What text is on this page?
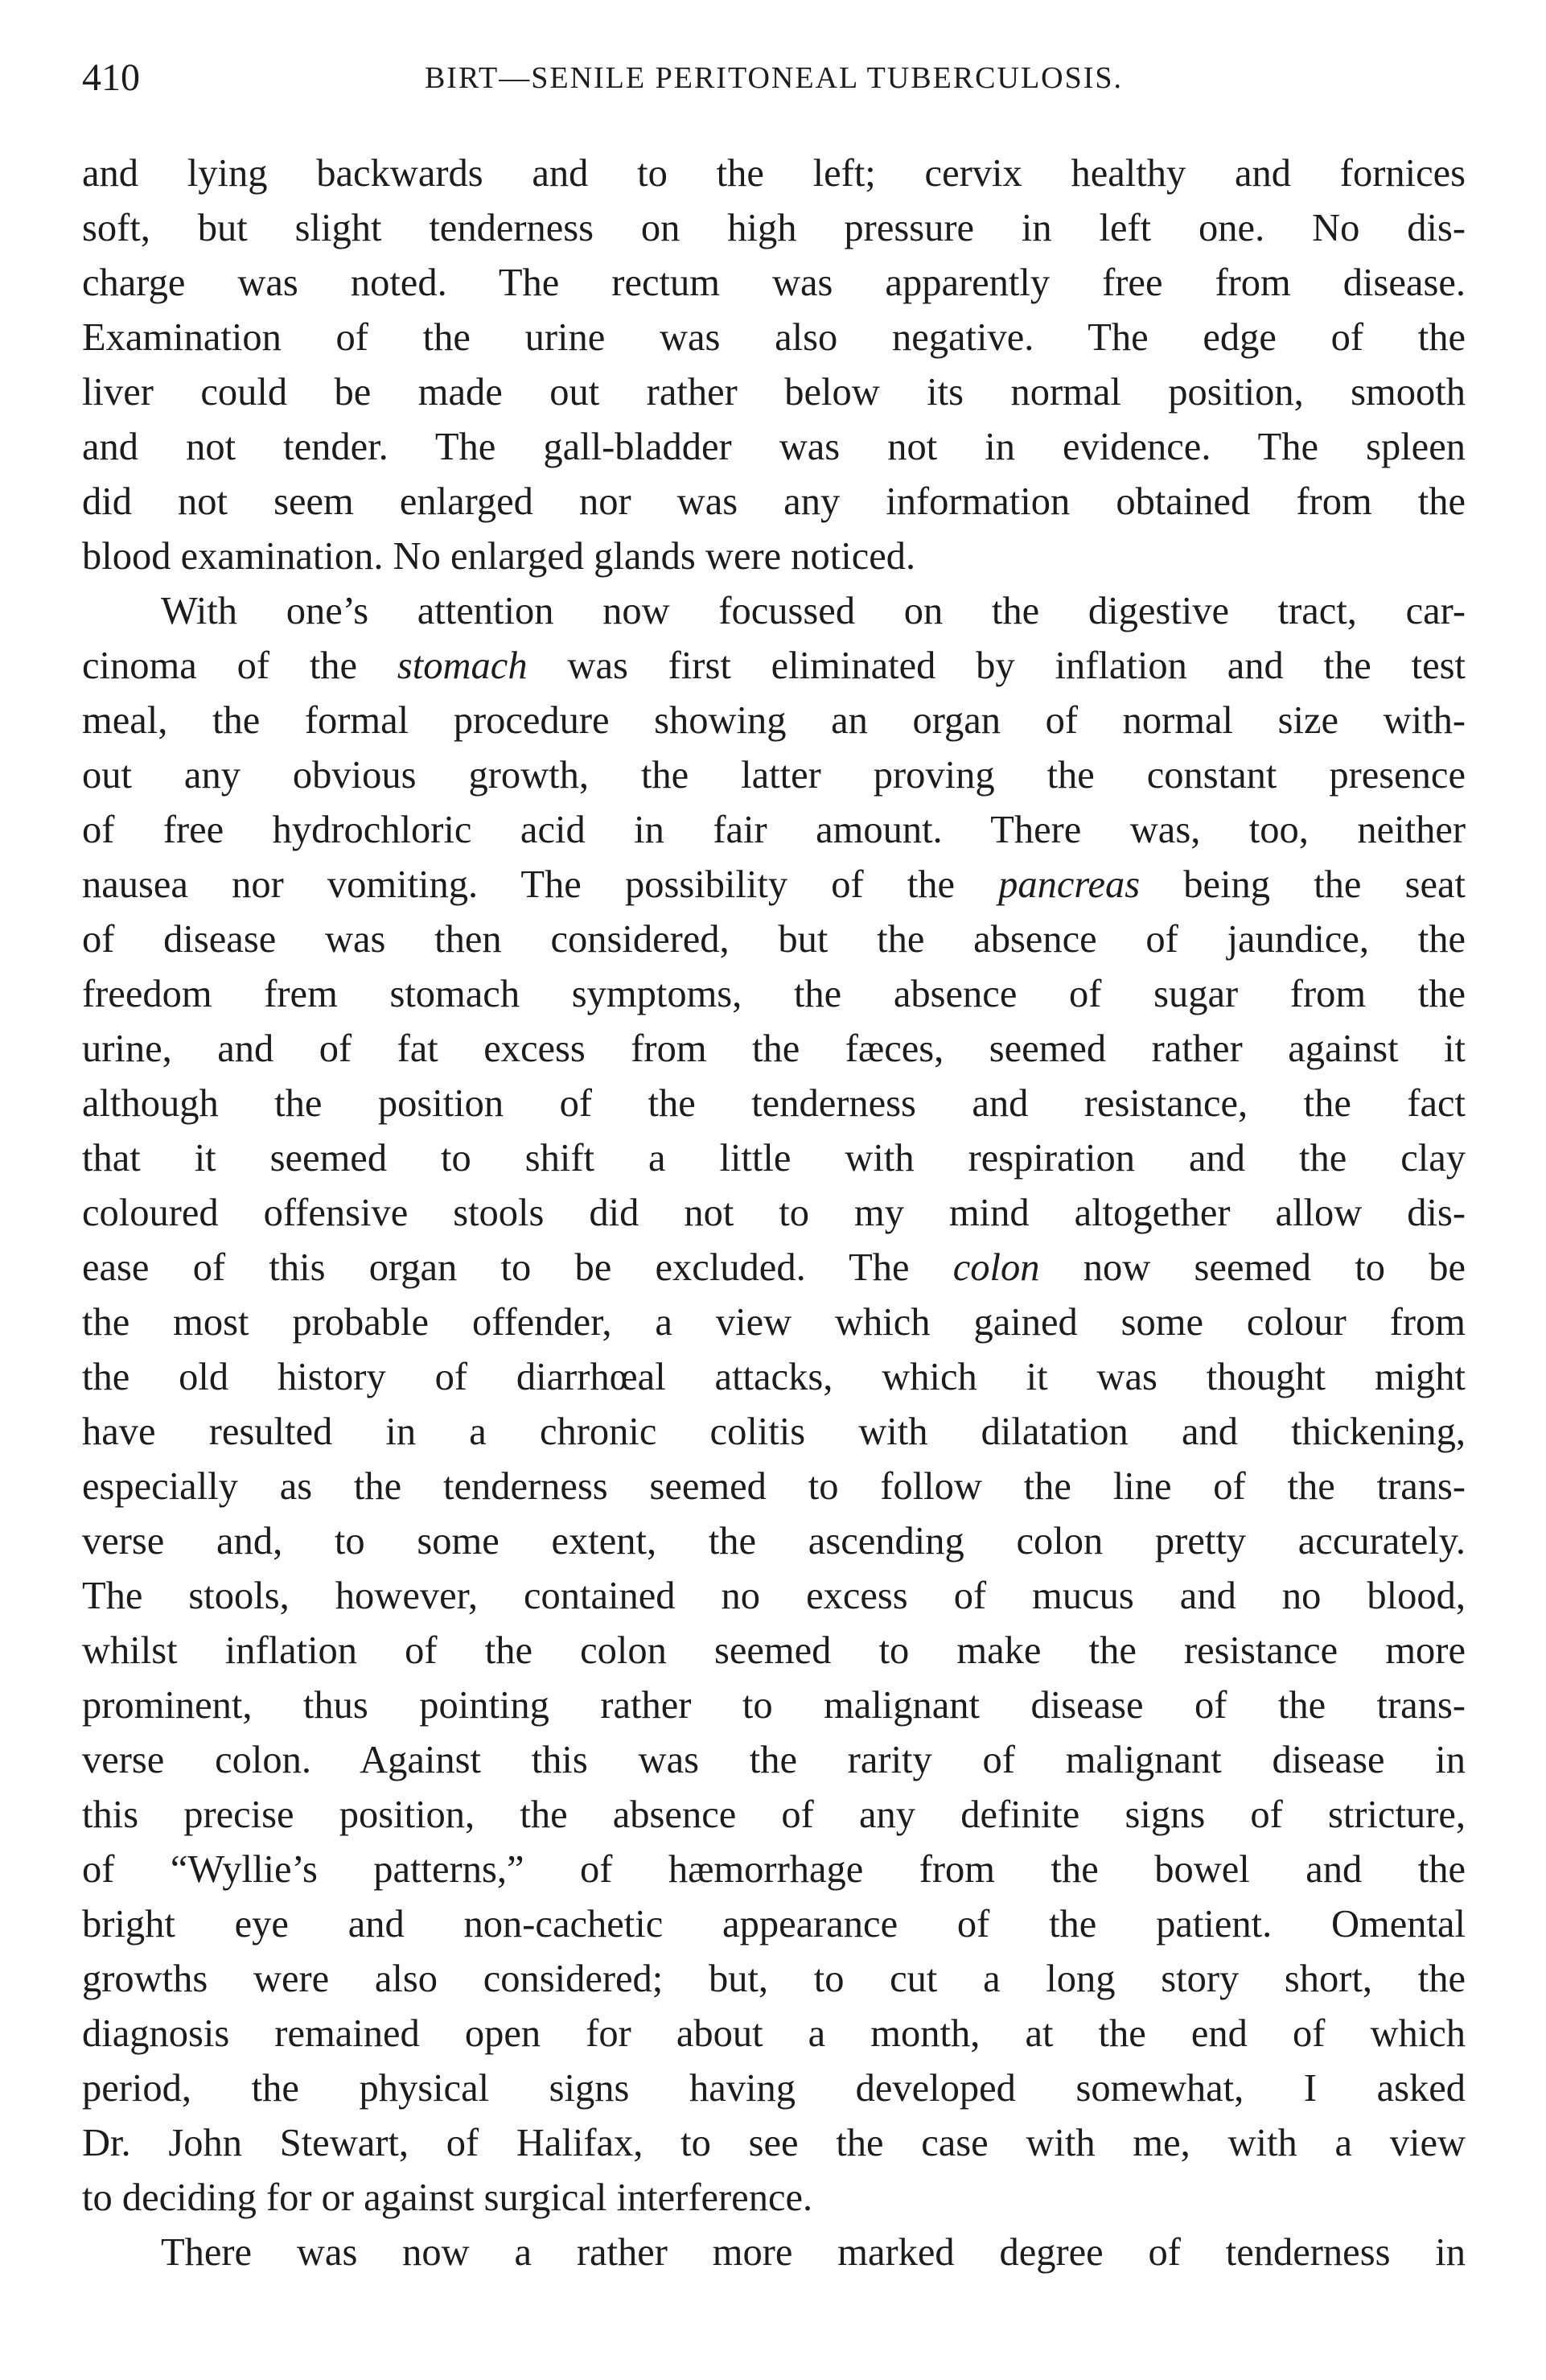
410	BIRT—SENILE PERITONEAL TUBERCULOSIS.
and lying backwards and to the left; cervix healthy and fornices
soft, but slight tenderness on high pressure in left one. No dis-
charge was noted. The rectum was apparently free from disease.
Examination of the urine was also negative. The edge of the
liver could be made out rather below its normal position, smooth
and not tender. The gall-bladder was not in evidence. The spleen
did not seem enlarged nor was any information obtained from the
blood examination. No enlarged glands were noticed.
With one’s attention now focussed on the digestive tract, car-
cinoma of the stomach was first eliminated by inflation and the test
meal, the formal procedure showing an organ of normal size with-
out any obvious growth, the latter proving the constant presence
of free hydrochloric acid in fair amount. There was, too, neither
nausea nor vomiting. The possibility of the pancreas being the seat
of disease was then considered, but the absence of jaundice, the
freedom frem stomach symptoms, the absence of sugar from the
urine, and of fat excess from the fæces, seemed rather against it
although the position of the tenderness and resistance, the fact
that it seemed to shift a little with respiration and the clay
coloured offensive stools did not to my mind altogether allow dis-
ease of this organ to be excluded. The colon now seemed to be
the most probable offender, a view which gained some colour from
the old history of diarrhœal attacks, which it was thought might
have resulted in a chronic colitis with dilatation and thickening,
especially as the tenderness seemed to follow the line of the trans-
verse and, to some extent, the ascending colon pretty accurately.
The stools, however, contained no excess of mucus and no blood,
whilst inflation of the colon seemed to make the resistance more
prominent, thus pointing rather to malignant disease of the trans-
verse colon. Against this was the rarity of malignant disease in
this precise position, the absence of any definite signs of stricture,
of “Wyllie’s patterns,” of hæmorrhage from the bowel and the
bright eye and non-cachetic appearance of the patient. Omental
growths were also considered; but, to cut a long story short, the
diagnosis remained open for about a month, at the end of which
period, the physical signs having developed somewhat, I asked
Dr. John Stewart, of Halifax, to see the case with me, with a view
to deciding for or against surgical interference.
There was now a rather more marked degree of tenderness in
